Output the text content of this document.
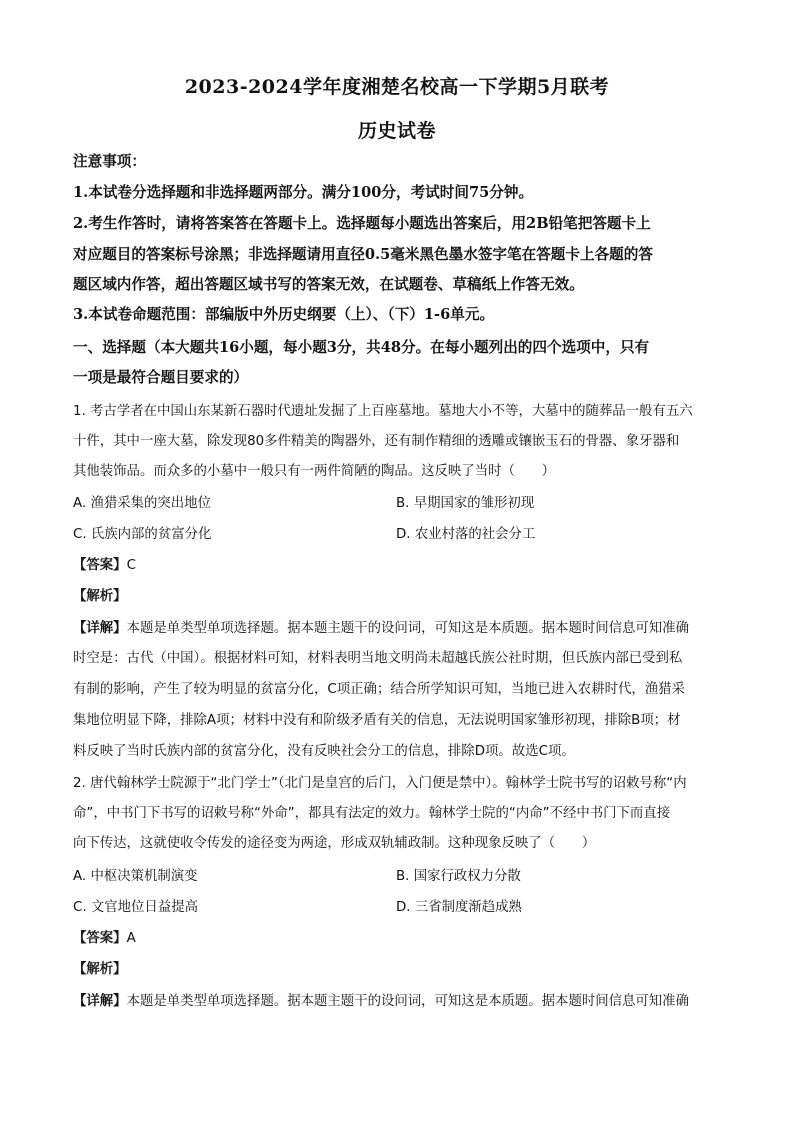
2023-2024学年度湘楚名校高一下学期5月联考
历史试卷
注意事项：
1.本试卷分选择题和非选择题两部分。满分100分，考试时间75分钟。
2.考生作答时，请将答案答在答题卡上。选择题每小题选出答案后，用2B铅笔把答题卡上
对应题目的答案标号涂黑；非选择题请用直径0.5毫米黑色墨水签字笔在答题卡上各题的答
题区域内作答，超出答题区域书写的答案无效，在试题卷、草稿纸上作答无效。
3.本试卷命题范围：部编版中外历史纲要（上）、（下）1-6单元。
一、选择题（本大题共16小题，每小题3分，共48分。在每小题列出的四个选项中，只有
一项是最符合题目要求的）
1. 考古学者在中国山东某新石器时代遗址发掘了上百座墓地。墓地大小不等，大墓中的随葬品一般有五六
十件，其中一座大墓，除发现80多件精美的陶器外，还有制作精细的透雕或镶嵌玉石的骨器、象牙器和
其他装饰品。而众多的小墓中一般只有一两件简陋的陶品。这反映了当时（　　）
A. 渔猎采集的突出地位	B. 早期国家的雏形初现
C. 氏族内部的贫富分化	D. 农业村落的社会分工
【答案】C
【解析】
【详解】本题是单类型单项选择题。据本题主题干的设问词，可知这是本质题。据本题时间信息可知准确
时空是：古代（中国）。根据材料可知，材料表明当地文明尚未超越氏族公社时期，但氏族内部已受到私
有制的影响，产生了较为明显的贫富分化，C项正确；结合所学知识可知，当地已进入农耕时代，渔猎采
集地位明显下降，排除A项；材料中没有和阶级矛盾有关的信息，无法说明国家雏形初现，排除B项；材
料反映了当时氏族内部的贫富分化，没有反映社会分工的信息，排除D项。故选C项。
2. 唐代翰林学士院源于“北门学士”（北门是皇宫的后门，入门便是禁中）。翰林学士院书写的诏敕号称“内
命”，中书门下书写的诏敕号称“外命”，都具有法定的效力。翰林学士院的“内命”不经中书门下而直接
向下传达，这就使收令传发的途径变为两途，形成双轨辅政制。这种现象反映了（　　）
A. 中枢决策机制演变	B. 国家行政权力分散
C. 文官地位日益提高	D. 三省制度渐趋成熟
【答案】A
【解析】
【详解】本题是单类型单项选择题。据本题主题干的设问词，可知这是本质题。据本题时间信息可知准确
